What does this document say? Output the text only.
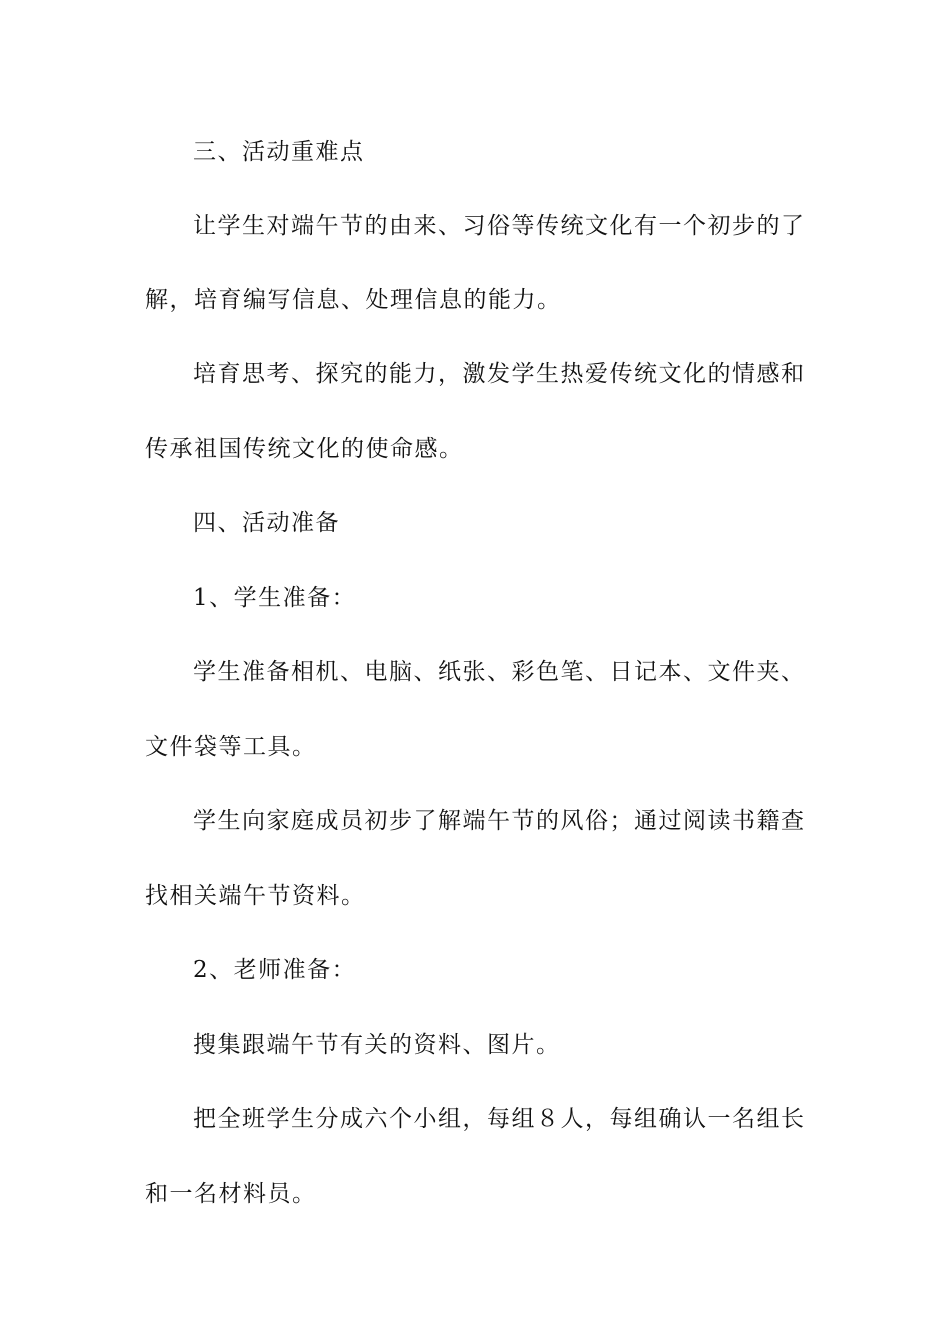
三、活动重难点
让学生对端午节的由来、习俗等传统文化有一个初步的了
解，培育编写信息、处理信息的能力。
培育思考、探究的能力，激发学生热爱传统文化的情感和
传承祖国传统文化的使命感。
四、活动准备
1、学生准备：
学生准备相机、电脑、纸张、彩色笔、日记本、文件夹、
文件袋等工具。
学生向家庭成员初步了解端午节的风俗；通过阅读书籍查
找相关端午节资料。
2、老师准备：
搜集跟端午节有关的资料、图片。
把全班学生分成六个小组，每组８人，每组确认一名组长
和一名材料员。
